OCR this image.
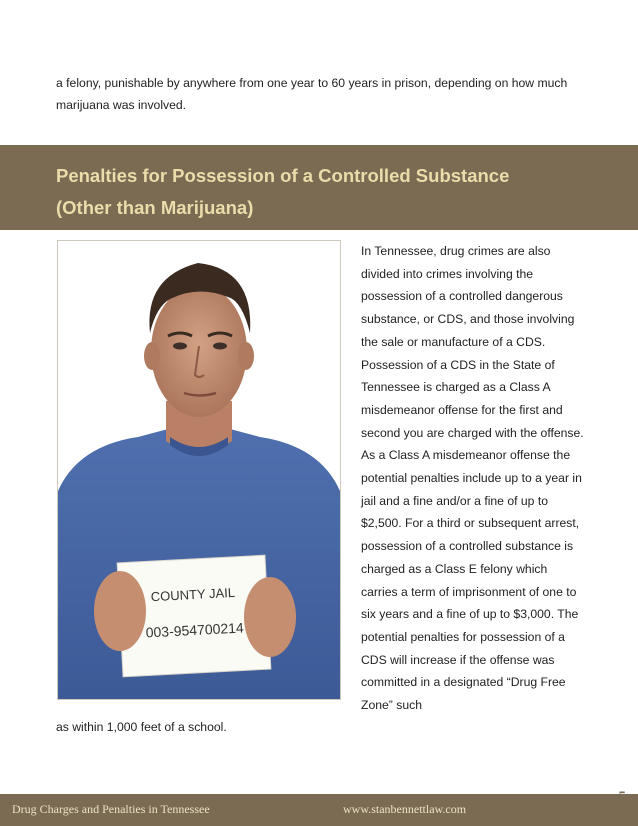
a felony, punishable by anywhere from one year to 60 years in prison, depending on how much marijuana was involved.

Penalties for Possession of a Controlled Substance
(Other than Marijuana)
COUNTY JAIL
003-954700214

In Tennessee, drug crimes are also divided into crimes involving the possession of a controlled dangerous substance, or CDS, and those involving the sale or manufacture of a CDS. Possession of a CDS in the State of Tennessee is charged as a Class A misdemeanor offense for the first and second you are charged with the offense. As a Class A misdemeanor offense the potential penalties include up to a year in jail and a fine and/or a fine of up to $2,500. For a third or subsequent arrest, possession of a controlled substance is charged as a Class E felony which carries a term of imprisonment of one to six years and a fine of up to $3,000. The potential penalties for possession of a CDS will increase if the offense was committed in a designated “Drug Free Zone” such

as within 1,000 feet of a school.

Drug Charges and Penalties in Tennessee	www.stanbennettlaw.com
